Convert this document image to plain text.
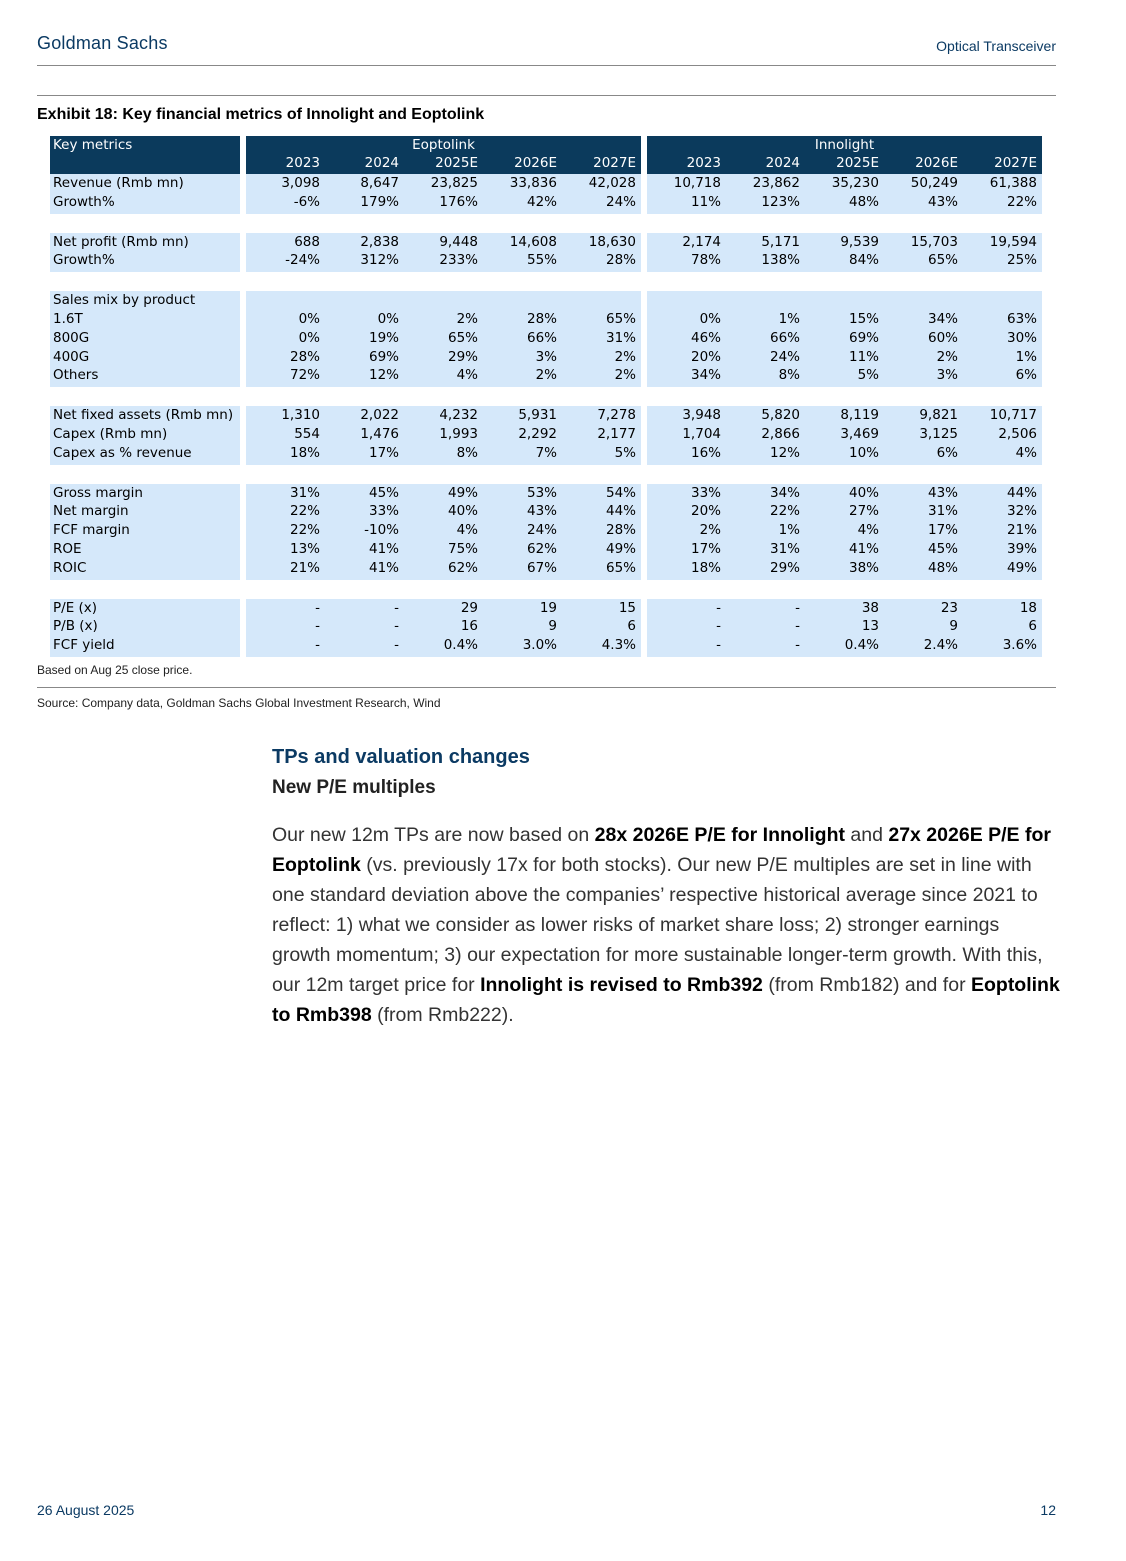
Goldman Sachs	Optical Transceiver
Exhibit 18: Key financial metrics of Innolight and Eoptolink
Key metrics	Eoptolink
2023	2024	2025E	2026E	2027E
Innolight
2023	2024	2025E	2026E	2027E
Revenue (Rmb mn)	3,098	8,647	23,825	33,836	42,028	10,718	23,862	35,230	50,249	61,388
Growth%	-6%	179%	176%	42%	24%	11%	123%	48%	43%	22%
Net profit (Rmb mn)	688	2,838	9,448	14,608	18,630	2,174	5,171	9,539	15,703	19,594
Growth%	-24%	312%	233%	55%	28%	78%	138%	84%	65%	25%
Sales mix by product
1.6T	0%	0%	2%	28%	65%	0%	1%	15%	34%	63%
800G	0%	19%	65%	66%	31%	46%	66%	69%	60%	30%
400G	28%	69%	29%	3%	2%	20%	24%	11%	2%	1%
Others	72%	12%	4%	2%	2%	34%	8%	5%	3%	6%
Net fixed assets (Rmb mn)	1,310	2,022	4,232	5,931	7,278	3,948	5,820	8,119	9,821	10,717
Capex (Rmb mn)	554	1,476	1,993	2,292	2,177	1,704	2,866	3,469	3,125	2,506
Capex as % revenue	18%	17%	8%	7%	5%	16%	12%	10%	6%	4%
Gross margin	31%	45%	49%	53%	54%	33%	34%	40%	43%	44%
Net margin	22%	33%	40%	43%	44%	20%	22%	27%	31%	32%
FCF margin	22%	-10%	4%	24%	28%	2%	1%	4%	17%	21%
ROE	13%	41%	75%	62%	49%	17%	31%	41%	45%	39%
ROIC	21%	41%	62%	67%	65%	18%	29%	38%	48%	49%
P/E (x)	-	-	29	19	15	-	-	38	23	18
P/B (x)	-	-	16	9	6	-	-	13	9	6
FCF yield	-	-	0.4%	3.0%	4.3%	-	-	0.4%	2.4%	3.6%
Based on Aug 25 close price.
Source: Company data, Goldman Sachs Global Investment Research, Wind
TPs and valuation changes
New P/E multiples
Our new 12m TPs are now based on 28x 2026E P/E for Innolight and 27x 2026E P/E for Eoptolink (vs. previously 17x for both stocks). Our new P/E multiples are set in line with one standard deviation above the companies’ respective historical average since 2021 to reflect: 1) what we consider as lower risks of market share loss; 2) stronger earnings growth momentum; 3) our expectation for more sustainable longer-term growth. With this, our 12m target price for Innolight is revised to Rmb392 (from Rmb182) and for Eoptolink to Rmb398 (from Rmb222).
26 August 2025	12
